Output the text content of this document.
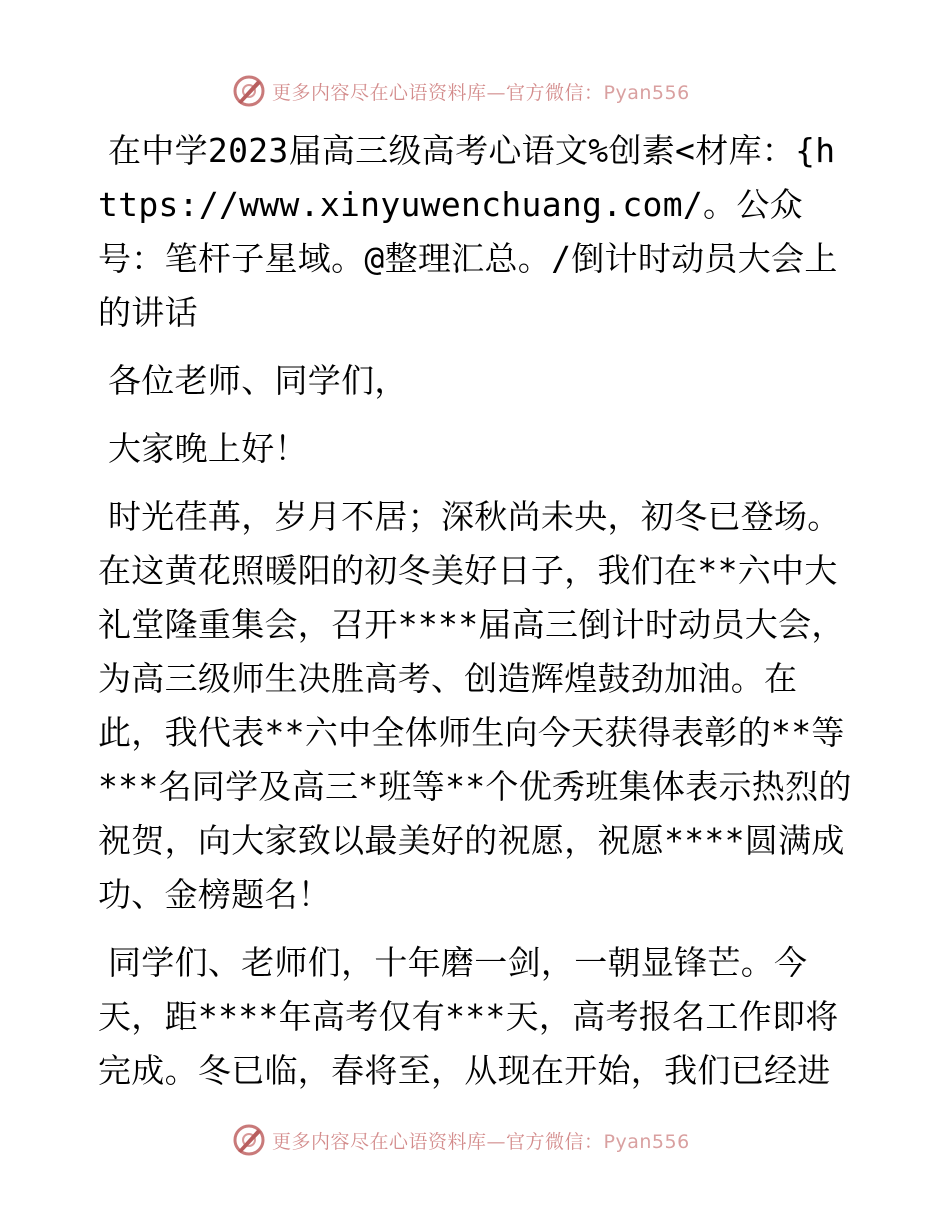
更多内容尽在心语资料库—官方微信：Pyan556

在中学2023届高三级高考心语文%创素<材库：{https://www.xinyuwenchuang.com/。公众号：笔杆子星域。@整理汇总。/倒计时动员大会上的讲话

各位老师、同学们，

大家晚上好！

时光荏苒，岁月不居；深秋尚未央，初冬已登场。在这黄花照暖阳的初冬美好日子，我们在**六中大礼堂隆重集会，召开****届高三倒计时动员大会，为高三级师生决胜高考、创造辉煌鼓劲加油。在此，我代表**六中全体师生向今天获得表彰的**等***名同学及高三*班等**个优秀班集体表示热烈的祝贺，向大家致以最美好的祝愿，祝愿****圆满成功、金榜题名！

同学们、老师们，十年磨一剑，一朝显锋芒。今天，距****年高考仅有***天，高考报名工作即将完成。冬已临，春将至，从现在开始，我们已经进

更多内容尽在心语资料库—官方微信：Pyan556
